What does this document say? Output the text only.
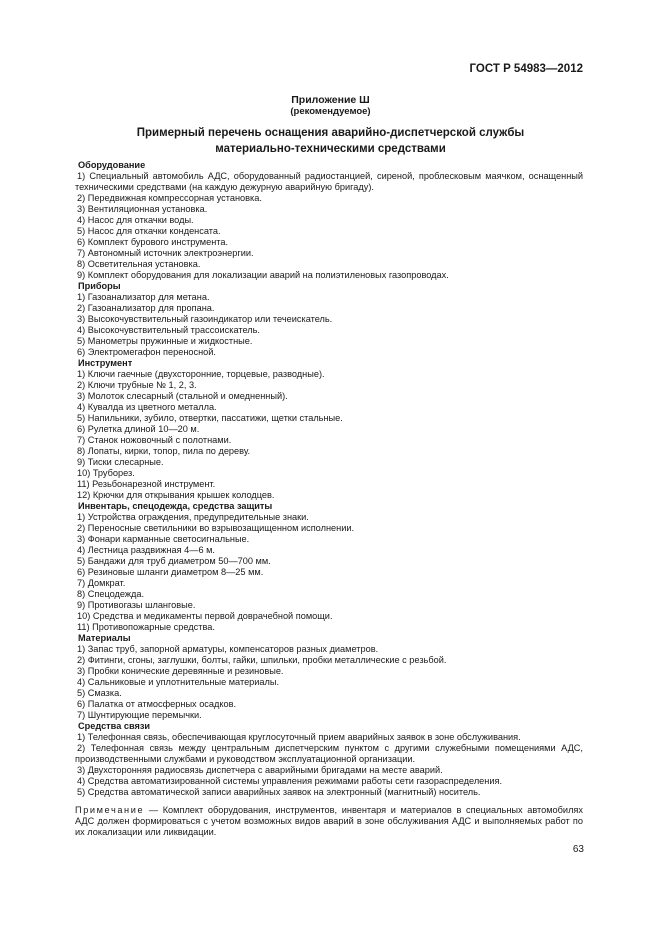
ГОСТ Р 54983—2012
Приложение Ш
(рекомендуемое)
Примерный перечень оснащения аварийно-диспетчерской службы
материально-техническими средствами
Оборудование
1) Специальный автомобиль АДС, оборудованный радиостанцией, сиреной, проблесковым маячком, оснащенный техническими средствами (на каждую дежурную аварийную бригаду).
2) Передвижная компрессорная установка.
3) Вентиляционная установка.
4) Насос для откачки воды.
5) Насос для откачки конденсата.
6) Комплект бурового инструмента.
7) Автономный источник электроэнергии.
8) Осветительная установка.
9) Комплект оборудования для локализации аварий на полиэтиленовых газопроводах.
Приборы
1) Газоанализатор для метана.
2) Газоанализатор для пропана.
3) Высокочувствительный газоиндикатор или течеискатель.
4) Высокочувствительный трассоискатель.
5) Манометры пружинные и жидкостные.
6) Электромегафон переносной.
Инструмент
1) Ключи гаечные (двухсторонние, торцевые, разводные).
2) Ключи трубные № 1, 2, 3.
3) Молоток слесарный (стальной и омедненный).
4) Кувалда из цветного металла.
5) Напильники, зубило, отвертки, пассатижи, щетки стальные.
6) Рулетка длиной 10—20 м.
7) Станок ножовочный с полотнами.
8) Лопаты, кирки, топор, пила по дереву.
9) Тиски слесарные.
10) Труборез.
11) Резьбонарезной инструмент.
12) Крючки для открывания крышек колодцев.
Инвентарь, спецодежда, средства защиты
1) Устройства ограждения, предупредительные знаки.
2) Переносные светильники во взрывозащищенном исполнении.
3) Фонари карманные светосигнальные.
4) Лестница раздвижная 4—6 м.
5) Бандажи для труб диаметром 50—700 мм.
6) Резиновые шланги диаметром 8—25 мм.
7) Домкрат.
8) Спецодежда.
9) Противогазы шланговые.
10) Средства и медикаменты первой доврачебной помощи.
11) Противопожарные средства.
Материалы
1) Запас труб, запорной арматуры, компенсаторов разных диаметров.
2) Фитинги, сгоны, заглушки, болты, гайки, шпильки, пробки металлические с резьбой.
3) Пробки конические деревянные и резиновые.
4) Сальниковые и уплотнительные материалы.
5) Смазка.
6) Палатка от атмосферных осадков.
7) Шунтирующие перемычки.
Средства связи
1) Телефонная связь, обеспечивающая круглосуточный прием аварийных заявок в зоне обслуживания.
2) Телефонная связь между центральным диспетчерским пунктом с другими служебными помещениями АДС, производственными службами и руководством эксплуатационной организации.
3) Двухсторонняя радиосвязь диспетчера с аварийными бригадами на месте аварий.
4) Средства автоматизированной системы управления режимами работы сети газораспределения.
5) Средства автоматической записи аварийных заявок на электронный (магнитный) носитель.
Примечание — Комплект оборудования, инструментов, инвентаря и материалов в специальных автомобилях АДС должен формироваться с учетом возможных видов аварий в зоне обслуживания АДС и выполняемых работ по их локализации или ликвидации.
63
